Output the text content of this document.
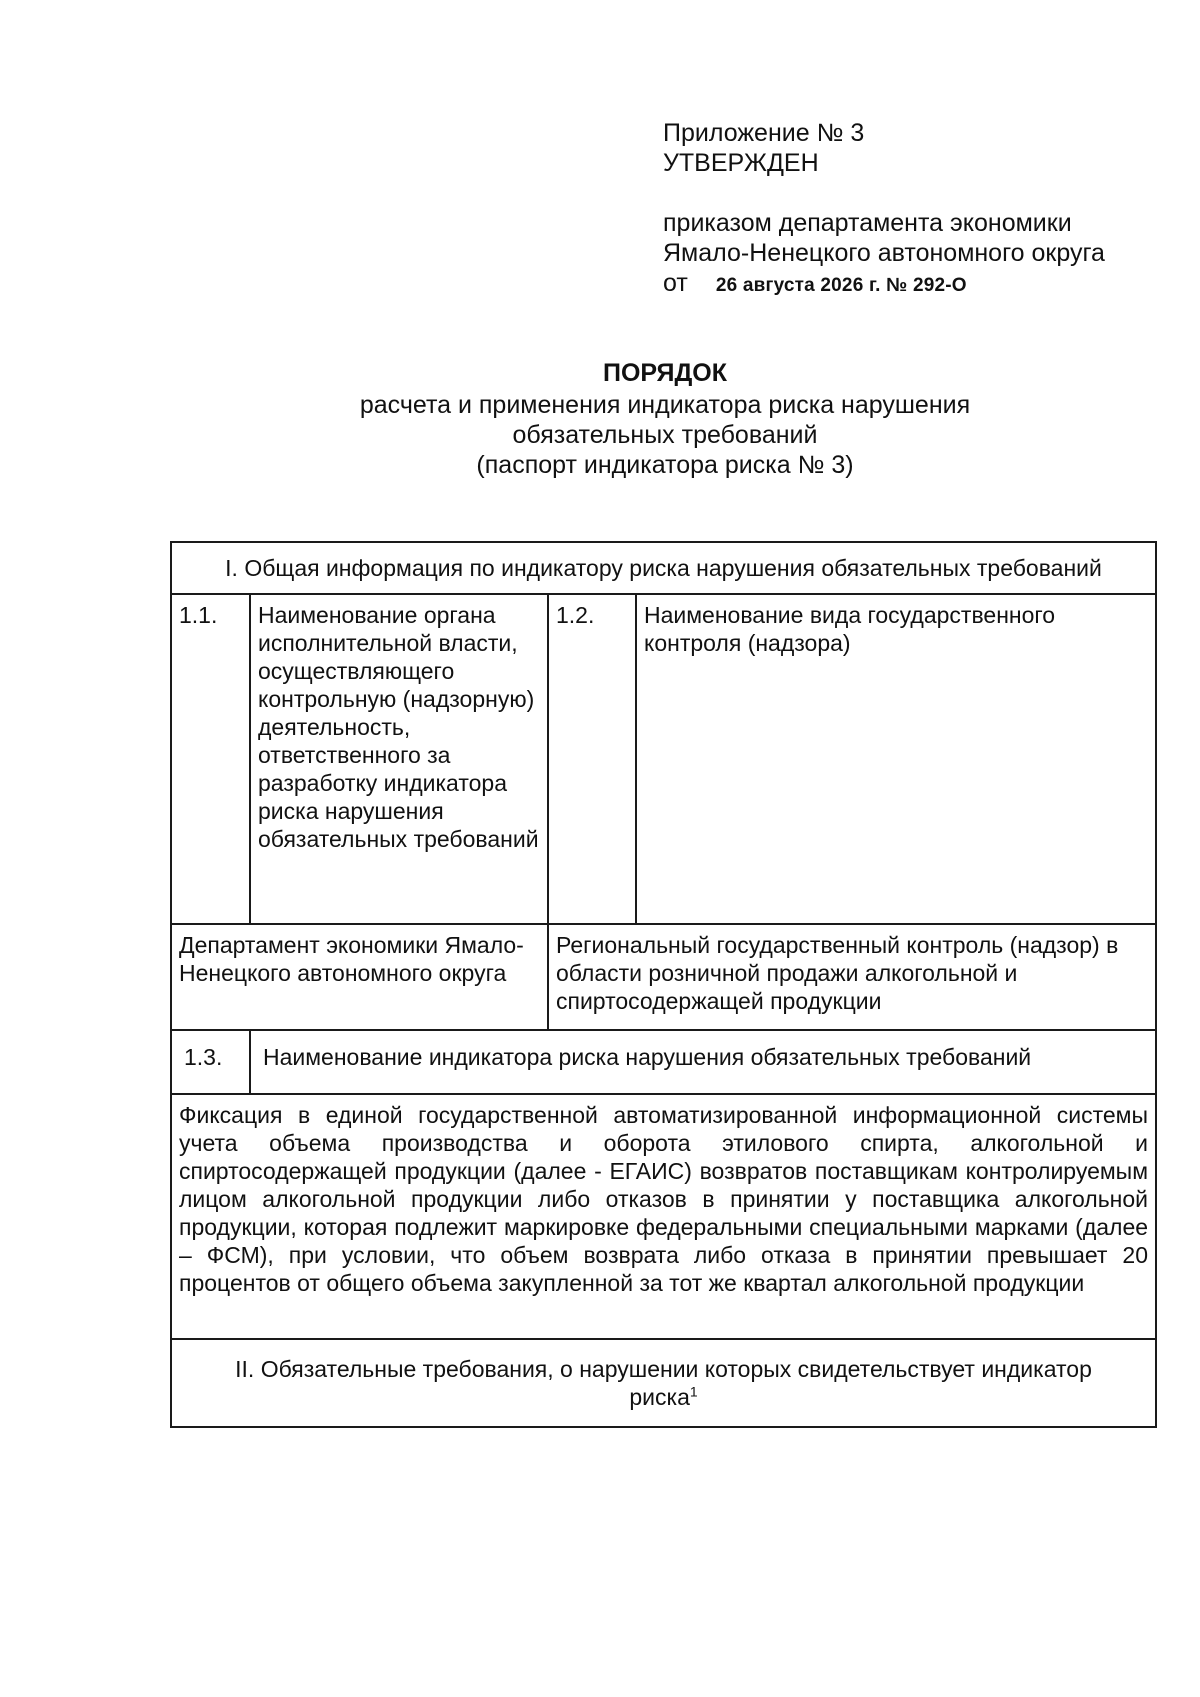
Приложение № 3
УТВЕРЖДЕН
приказом департамента экономики
Ямало-Ненецкого автономного округа
от 26 августа 2026 г. № 292-О
ПОРЯДОК
расчета и применения индикатора риска нарушения
обязательных требований
(паспорт индикатора риска № 3)
I. Общая информация по индикатору риска нарушения обязательных требований			
1.1.	Наименование органа исполнительной власти, осуществляющего контрольную (надзорную) деятельность, ответственного за разработку индикатора риска нарушения обязательных требований	1.2.	Наименование вида государственного контроля (надзора)
Департамент экономики Ямало-Ненецкого автономного округа		Региональный государственный контроль (надзор) в области розничной продажи алкогольной и спиртосодержащей продукции	
1.3.	Наименование индикатора риска нарушения обязательных требований		
Фиксация в единой государственной автоматизированной информационной системы учета объема производства и оборота этилового спирта, алкогольной и спиртосодержащей продукции (далее - ЕГАИС) возвратов поставщикам контролируемым лицом алкогольной продукции либо отказов в принятии у поставщика алкогольной продукции, которая подлежит маркировке федеральными специальными марками (далее – ФСМ), при условии, что объем возврата либо отказа в принятии превышает 20 процентов от общего объема закупленной за тот же квартал алкогольной продукции			
II. Обязательные требования, о нарушении которых свидетельствует индикатор риска$^1$
